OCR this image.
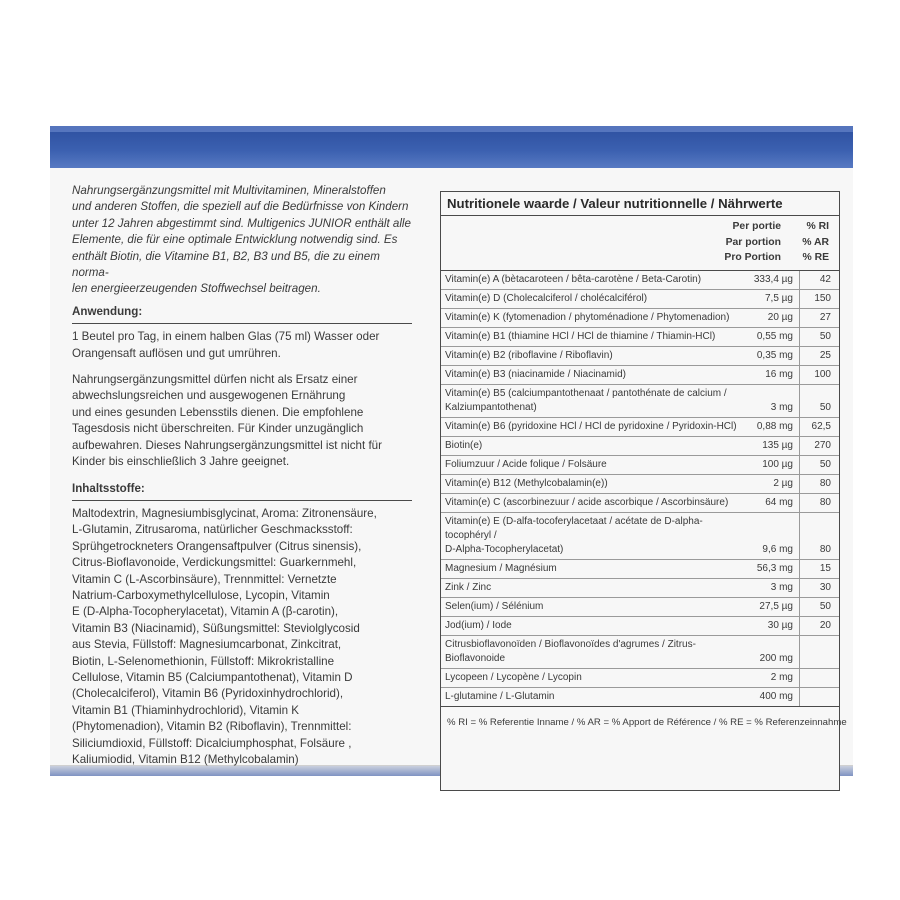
Nahrungsergänzungsmittel mit Multivitaminen, Mineralstoffen
und anderen Stoffen, die speziell auf die Bedürfnisse von Kindern
unter 12 Jahren abgestimmt sind. Multigenics JUNIOR enthält alle
Elemente, die für eine optimale Entwicklung notwendig sind. Es
enthält Biotin, die Vitamine B1, B2, B3 und B5, die zu einem norma-
len energieerzeugenden Stoffwechsel beitragen.
Anwendung:
1 Beutel pro Tag, in einem halben Glas (75 ml) Wasser oder
Orangensaft auflösen und gut umrühren.
Nahrungsergänzungsmittel dürfen nicht als Ersatz einer
abwechslungsreichen und ausgewogenen Ernährung
und eines gesunden Lebensstils dienen. Die empfohlene
Tagesdosis nicht überschreiten. Für Kinder unzugänglich
aufbewahren. Dieses Nahrungsergänzungsmittel ist nicht für
Kinder bis einschließlich 3 Jahre geeignet.
Inhaltsstoffe:
Maltodextrin, Magnesiumbisglycinat, Aroma: Zitronensäure,
L-Glutamin, Zitrusaroma, natürlicher Geschmacksstoff:
Sprühgetrockneters Orangensaftpulver (Citrus sinensis),
Citrus-Bioflavonoide, Verdickungsmittel: Guarkernmehl,
Vitamin C (L-Ascorbinsäure), Trennmittel: Vernetzte
Natrium-Carboxymethylcellulose, Lycopin, Vitamin
E (D-Alpha-Tocopherylacetat), Vitamin A (β-carotin),
Vitamin B3 (Niacinamid), Süßungsmittel: Steviolglycosid
aus Stevia, Füllstoff: Magnesiumcarbonat, Zinkcitrat,
Biotin, L-Selenomethionin, Füllstoff: Mikrokristalline
Cellulose, Vitamin B5 (Calciumpantothenat), Vitamin D
(Cholecalciferol), Vitamin B6 (Pyridoxinhydrochlorid),
Vitamin B1 (Thiaminhydrochlorid), Vitamin K
(Phytomenadion), Vitamin B2 (Riboflavin), Trennmittel:
Siliciumdioxid, Füllstoff: Dicalciumphosphat, Folsäure ,
Kaliumiodid, Vitamin B12 (Methylcobalamin)
Nutritionele waarde / Valeur nutritionnelle / Nährwerte
Per portie
Par portion
Pro Portion
% RI
% AR
% RE
Vitamin(e) A (bètacaroteen / bêta-carotène / Beta-Carotin)	333,4 µg	42
Vitamin(e) D (Cholecalciferol / cholécalciférol)	7,5 µg	150
Vitamin(e) K (fytomenadion / phytoménadione / Phytomenadion)	20 µg	27
Vitamin(e) B1 (thiamine HCl / HCl de thiamine / Thiamin-HCl)	0,55 mg	50
Vitamin(e) B2 (riboflavine / Riboflavin)	0,35 mg	25
Vitamin(e) B3 (niacinamide / Niacinamid)	16 mg	100
Vitamin(e) B5 (calciumpantothenaat / pantothénate de calcium /
Kalziumpantothenat)	3 mg	50
Vitamin(e) B6 (pyridoxine HCl / HCl de pyridoxine / Pyridoxin-HCl)	0,88 mg	62,5
Biotin(e)	135 µg	270
Foliumzuur / Acide folique / Folsäure	100 µg	50
Vitamin(e) B12 (Methylcobalamin(e))	2 µg	80
Vitamin(e) C (ascorbinezuur / acide ascorbique / Ascorbinsäure)	64 mg	80
Vitamin(e) E (D-alfa-tocoferylacetaat / acétate de D-alpha-tocophéryl /
D-Alpha-Tocopherylacetat)	9,6 mg	80
Magnesium / Magnésium	56,3 mg	15
Zink / Zinc	3 mg	30
Selen(ium) / Sélénium	27,5 µg	50
Jod(ium) / Iode	30 µg	20
Citrusbioflavonoïden / Bioflavonoïdes d'agrumes / Zitrus-Bioflavonoide	200 mg
Lycopeen / Lycopène / Lycopin	2 mg
L-glutamine / L-Glutamin	400 mg
% RI = % Referentie Inname / % AR = % Apport de Référence / % RE = % Referenzeinnahme
